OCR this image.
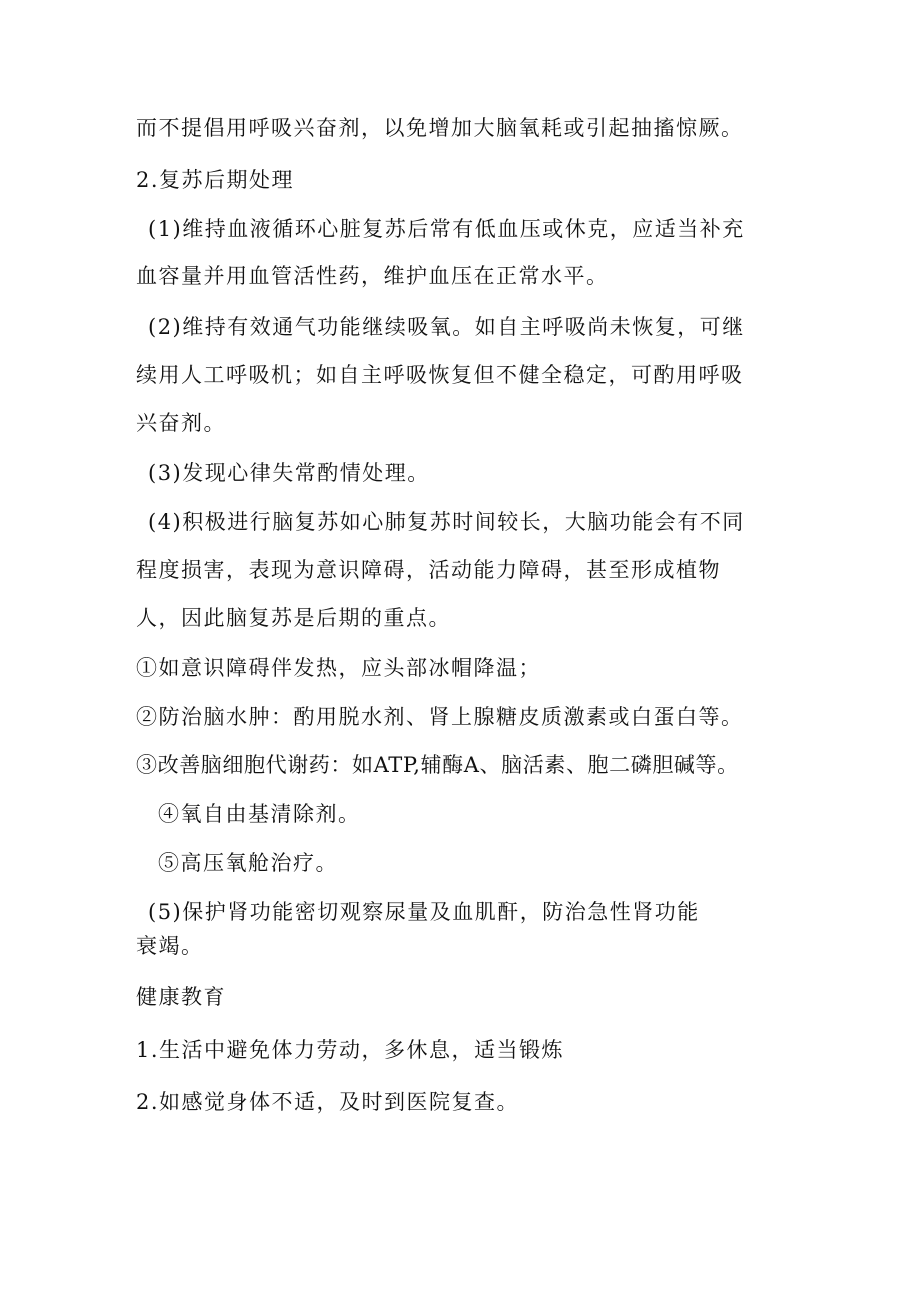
而不提倡用呼吸兴奋剂，以免增加大脑氧耗或引起抽搐惊厥。
2.复苏后期处理
(1)维持血液循环心脏复苏后常有低血压或休克，应适当补充
血容量并用血管活性药，维护血压在正常水平。
(2)维持有效通气功能继续吸氧。如自主呼吸尚未恢复，可继
续用人工呼吸机；如自主呼吸恢复但不健全稳定，可酌用呼吸
兴奋剂。
(3)发现心律失常酌情处理。
(4)积极进行脑复苏如心肺复苏时间较长，大脑功能会有不同
程度损害，表现为意识障碍，活动能力障碍，甚至形成植物
人，因此脑复苏是后期的重点。
①如意识障碍伴发热，应头部冰帽降温；
②防治脑水肿：酌用脱水剂、肾上腺糖皮质激素或白蛋白等。
③改善脑细胞代谢药：如ATP,辅酶A、脑活素、胞二磷胆碱等。
④氧自由基清除剂。
⑤高压氧舱治疗。
(5)保护肾功能密切观察尿量及血肌酐，防治急性肾功能
衰竭。
健康教育
1.生活中避免体力劳动，多休息，适当锻炼
2.如感觉身体不适，及时到医院复查。
